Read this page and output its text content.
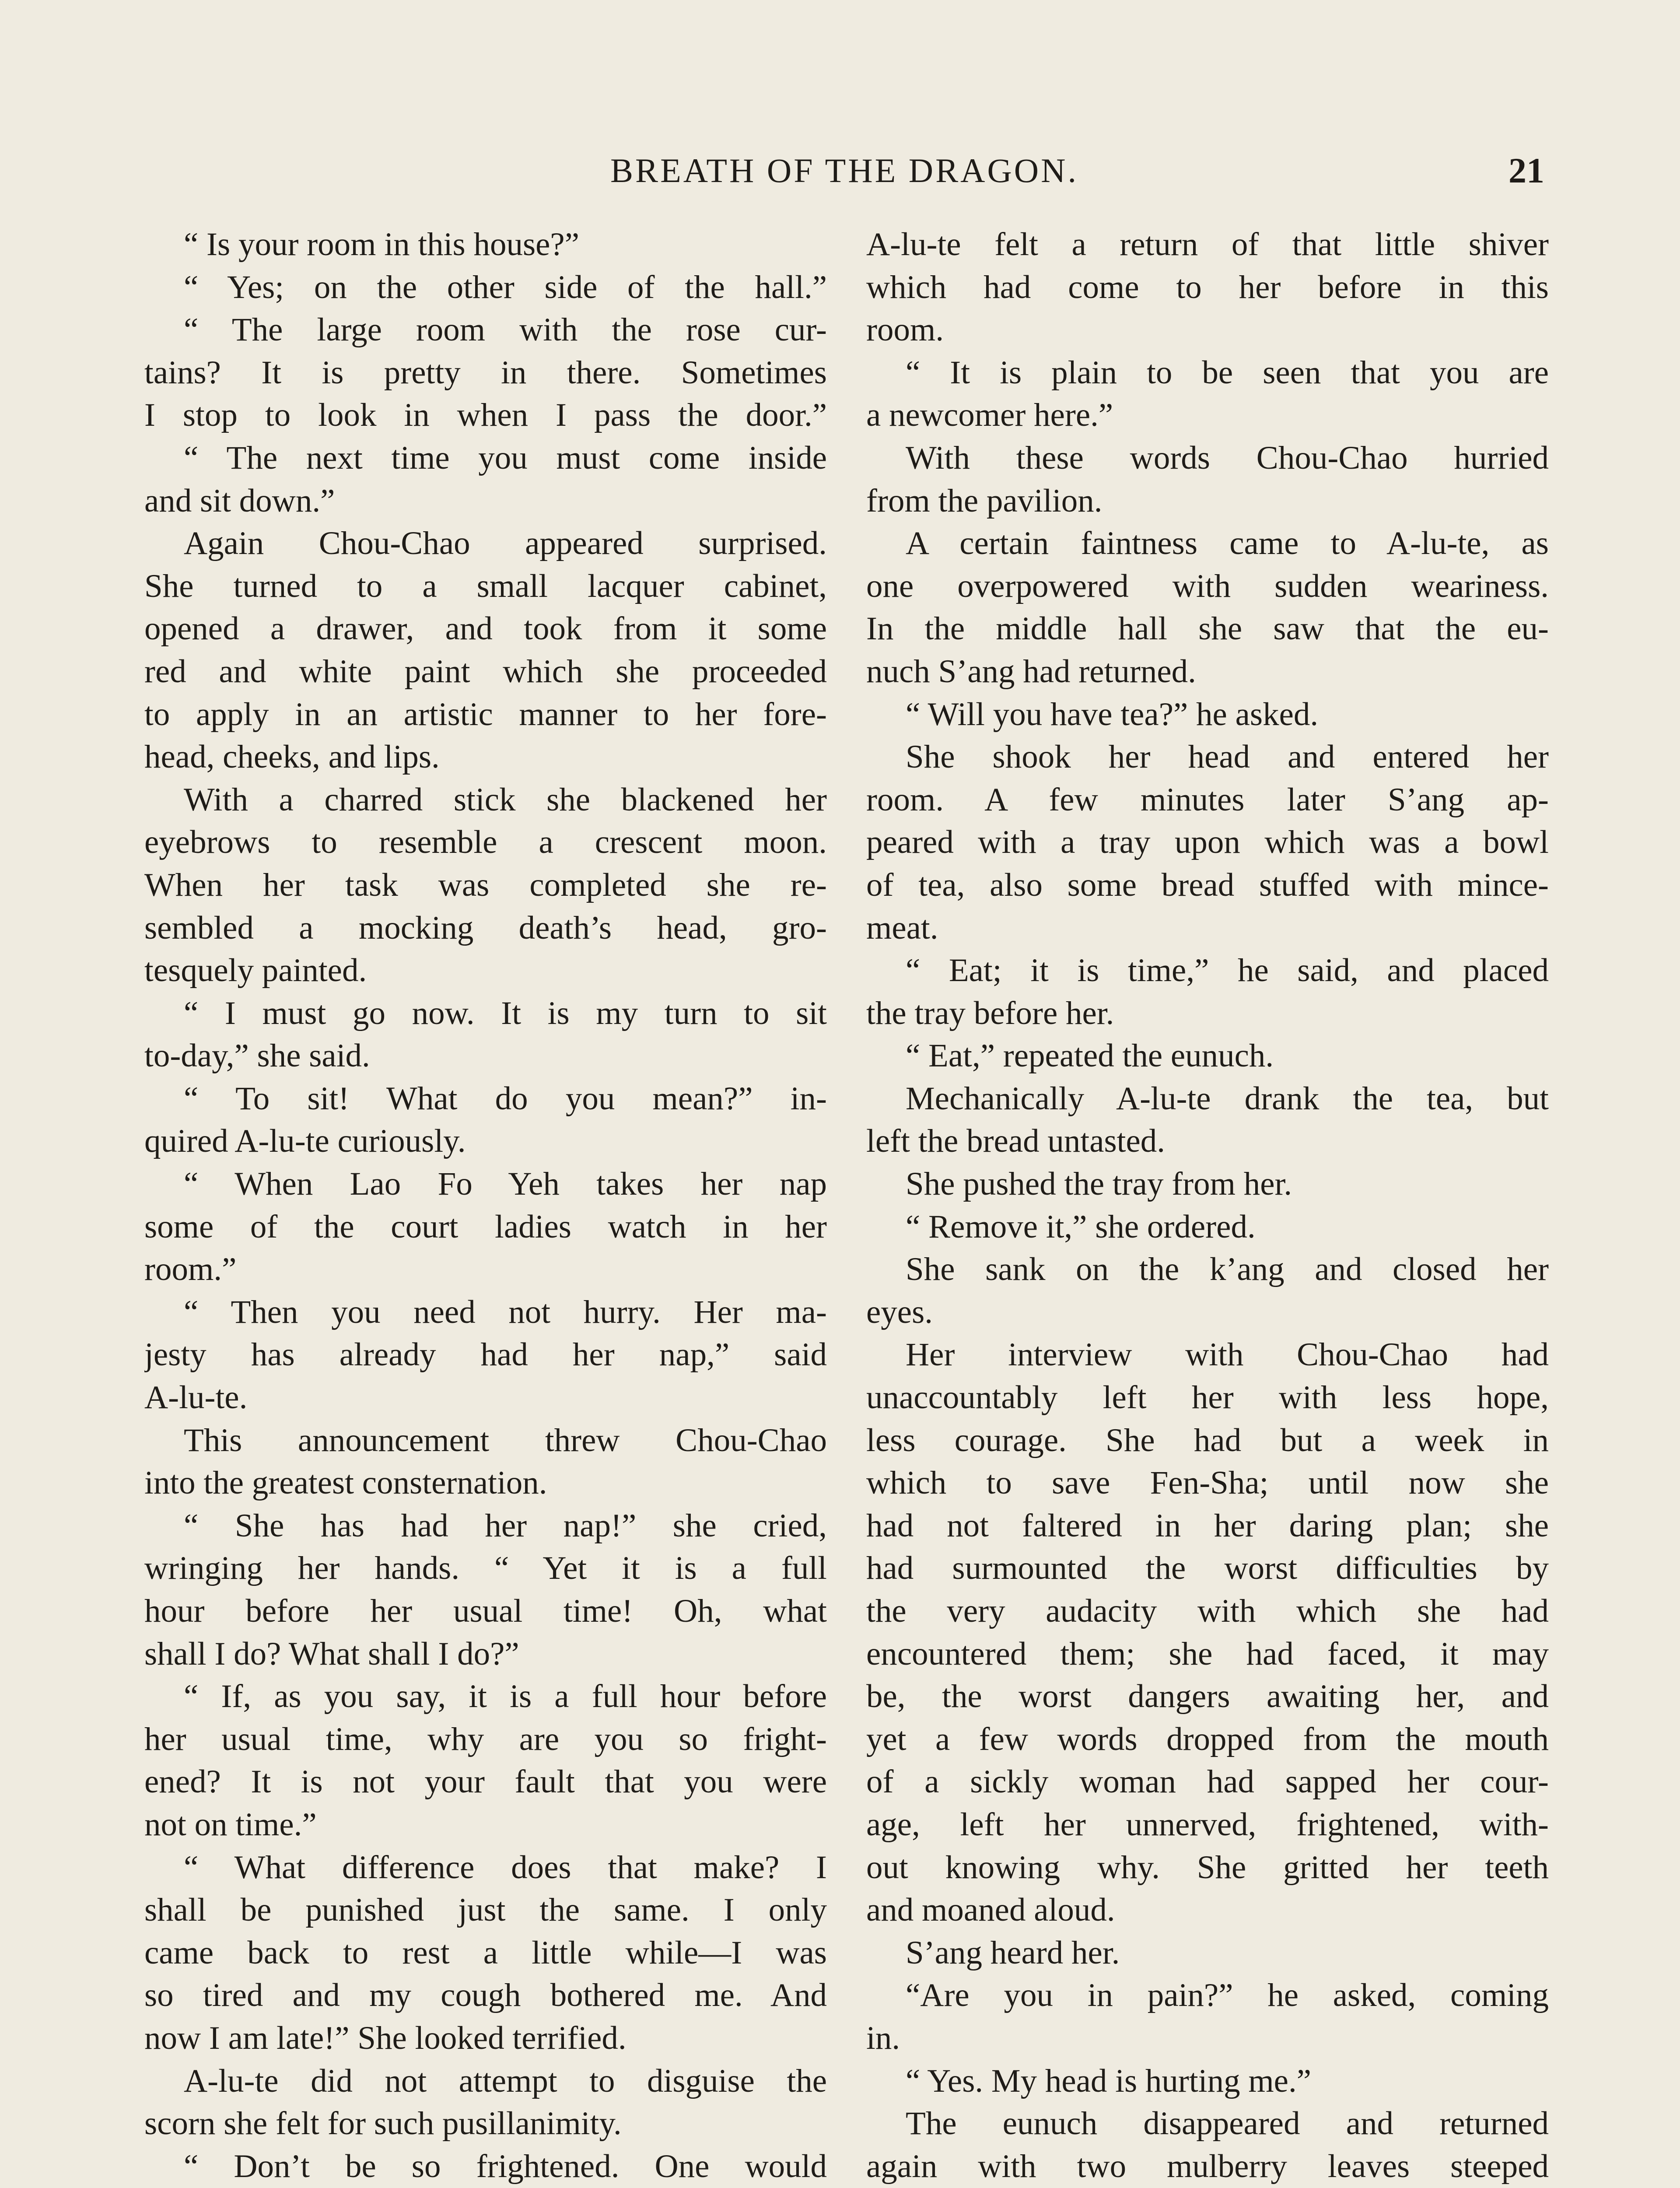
BREATH OF THE DRAGON.	21
“ Is your room in this house?”
“ Yes; on the other side of the hall.”
“ The large room with the rose cur-
tains? It is pretty in there. Sometimes
I stop to look in when I pass the door.”
“ The next time you must come inside
and sit down.”
Again Chou-Chao appeared surprised.
She turned to a small lacquer cabinet,
opened a drawer, and took from it some
red and white paint which she proceeded
to apply in an artistic manner to her fore-
head, cheeks, and lips.
With a charred stick she blackened her
eyebrows to resemble a crescent moon.
When her task was completed she re-
sembled a mocking death’s head, gro-
tesquely painted.
“ I must go now. It is my turn to sit
to-day,” she said.
“ To sit! What do you mean?” in-
quired A-lu-te curiously.
“ When Lao Fo Yeh takes her nap
some of the court ladies watch in her
room.”
“ Then you need not hurry. Her ma-
jesty has already had her nap,” said
A-lu-te.
This announcement threw Chou-Chao
into the greatest consternation.
“ She has had her nap!” she cried,
wringing her hands. “ Yet it is a full
hour before her usual time! Oh, what
shall I do? What shall I do?”
“ If, as you say, it is a full hour before
her usual time, why are you so fright-
ened? It is not your fault that you were
not on time.”
“ What difference does that make? I
shall be punished just the same. I only
came back to rest a little while—I was
so tired and my cough bothered me. And
now I am late!” She looked terrified.
A-lu-te did not attempt to disguise the
scorn she felt for such pusillanimity.
“ Don’t be so frightened. One would
A-lu-te felt a return of that little shiver
which had come to her before in this
room.
“ It is plain to be seen that you are
a newcomer here.”
With these words Chou-Chao hurried
from the pavilion.
A certain faintness came to A-lu-te, as
one overpowered with sudden weariness.
In the middle hall she saw that the eu-
nuch S’ang had returned.
“ Will you have tea?” he asked.
She shook her head and entered her
room. A few minutes later S’ang ap-
peared with a tray upon which was a bowl
of tea, also some bread stuffed with mince-
meat.
“ Eat; it is time,” he said, and placed
the tray before her.
“ Eat,” repeated the eunuch.
Mechanically A-lu-te drank the tea, but
left the bread untasted.
She pushed the tray from her.
“ Remove it,” she ordered.
She sank on the k’ang and closed her
eyes.
Her interview with Chou-Chao had
unaccountably left her with less hope,
less courage. She had but a week in
which to save Fen-Sha; until now she
had not faltered in her daring plan; she
had surmounted the worst difficulties by
the very audacity with which she had
encountered them; she had faced, it may
be, the worst dangers awaiting her, and
yet a few words dropped from the mouth
of a sickly woman had sapped her cour-
age, left her unnerved, frightened, with-
out knowing why. She gritted her teeth
and moaned aloud.
S’ang heard her.
“Are you in pain?” he asked, coming
in.
“ Yes. My head is hurting me.”
The eunuch disappeared and returned
again with two mulberry leaves steeped
